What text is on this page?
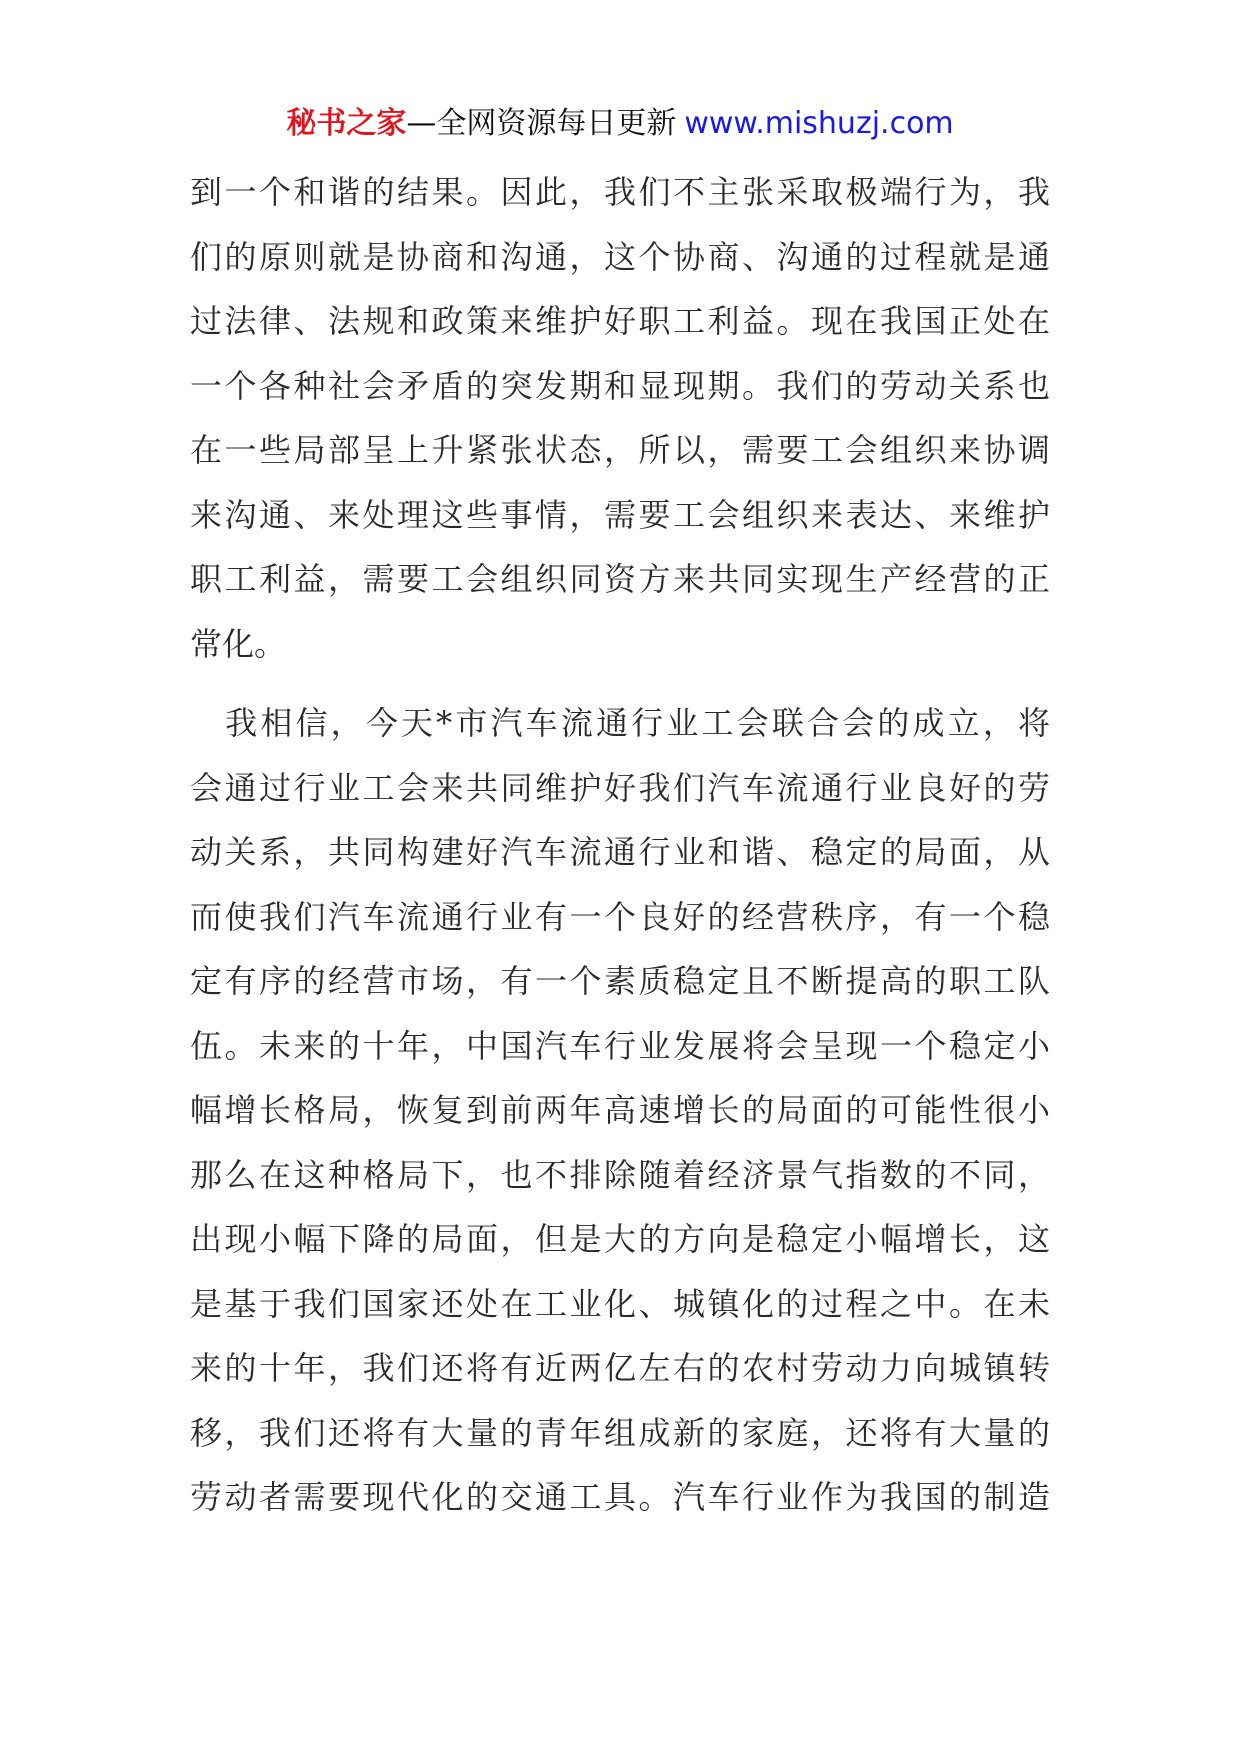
秘书之家—全网资源每日更新 www.mishuzj.com
到一个和谐的结果。因此，我们不主张采取极端行为，我
们的原则就是协商和沟通，这个协商、沟通的过程就是通
过法律、法规和政策来维护好职工利益。现在我国正处在
一个各种社会矛盾的突发期和显现期。我们的劳动关系也
在一些局部呈上升紧张状态，所以，需要工会组织来协调
来沟通、来处理这些事情，需要工会组织来表达、来维护
职工利益，需要工会组织同资方来共同实现生产经营的正
常化。
　我相信，今天*市汽车流通行业工会联合会的成立，将
会通过行业工会来共同维护好我们汽车流通行业良好的劳
动关系，共同构建好汽车流通行业和谐、稳定的局面，从
而使我们汽车流通行业有一个良好的经营秩序，有一个稳
定有序的经营市场，有一个素质稳定且不断提高的职工队
伍。未来的十年，中国汽车行业发展将会呈现一个稳定小
幅增长格局，恢复到前两年高速增长的局面的可能性很小
那么在这种格局下，也不排除随着经济景气指数的不同，
出现小幅下降的局面，但是大的方向是稳定小幅增长，这
是基于我们国家还处在工业化、城镇化的过程之中。在未
来的十年，我们还将有近两亿左右的农村劳动力向城镇转
移，我们还将有大量的青年组成新的家庭，还将有大量的
劳动者需要现代化的交通工具。汽车行业作为我国的制造
